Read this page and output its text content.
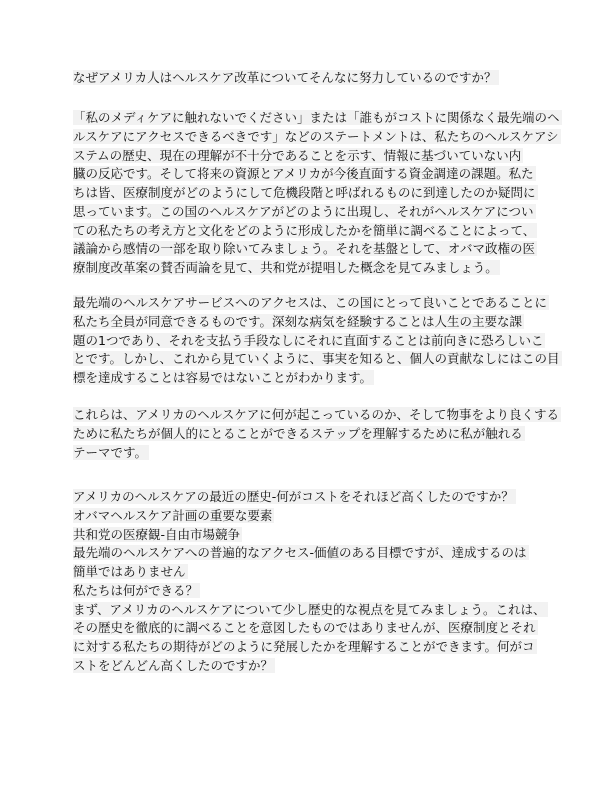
なぜアメリカ人はヘルスケア改革についてそんなに努力しているのですか？
「私のメディケアに触れないでください」または「誰もがコストに関係なく最先端のヘ
ルスケアにアクセスできるべきです」などのステートメントは、私たちのヘルスケアシ
ステムの歴史、現在の理解が不十分であることを示す、情報に基づいていない内
臓の反応です。そして将来の資源とアメリカが今後直面する資金調達の課題。私た
ちは皆、医療制度がどのようにして危機段階と呼ばれるものに到達したのか疑問に
思っています。この国のヘルスケアがどのように出現し、それがヘルスケアについ
ての私たちの考え方と文化をどのように形成したかを簡単に調べることによって、
議論から感情の一部を取り除いてみましょう。それを基盤として、オバマ政権の医
療制度改革案の賛否両論を見て、共和党が提唱した概念を見てみましょう。
最先端のヘルスケアサービスへのアクセスは、この国にとって良いことであることに
私たち全員が同意できるものです。深刻な病気を経験することは人生の主要な課
題の1つであり、それを支払う手段なしにそれに直面することは前向きに恐ろしいこ
とです。しかし、これから見ていくように、事実を知ると、個人の貢献なしにはこの目
標を達成することは容易ではないことがわかります。
これらは、アメリカのヘルスケアに何が起こっているのか、そして物事をより良くする
ために私たちが個人的にとることができるステップを理解するために私が触れる
テーマです。
アメリカのヘルスケアの最近の歴史-何がコストをそれほど高くしたのですか？
オバマヘルスケア計画の重要な要素
共和党の医療観-自由市場競争
最先端のヘルスケアへの普遍的なアクセス-価値のある目標ですが、達成するのは
簡単ではありません
私たちは何ができる？
まず、アメリカのヘルスケアについて少し歴史的な視点を見てみましょう。これは、
その歴史を徹底的に調べることを意図したものではありませんが、医療制度とそれ
に対する私たちの期待がどのように発展したかを理解することができます。何がコ
ストをどんどん高くしたのですか？
